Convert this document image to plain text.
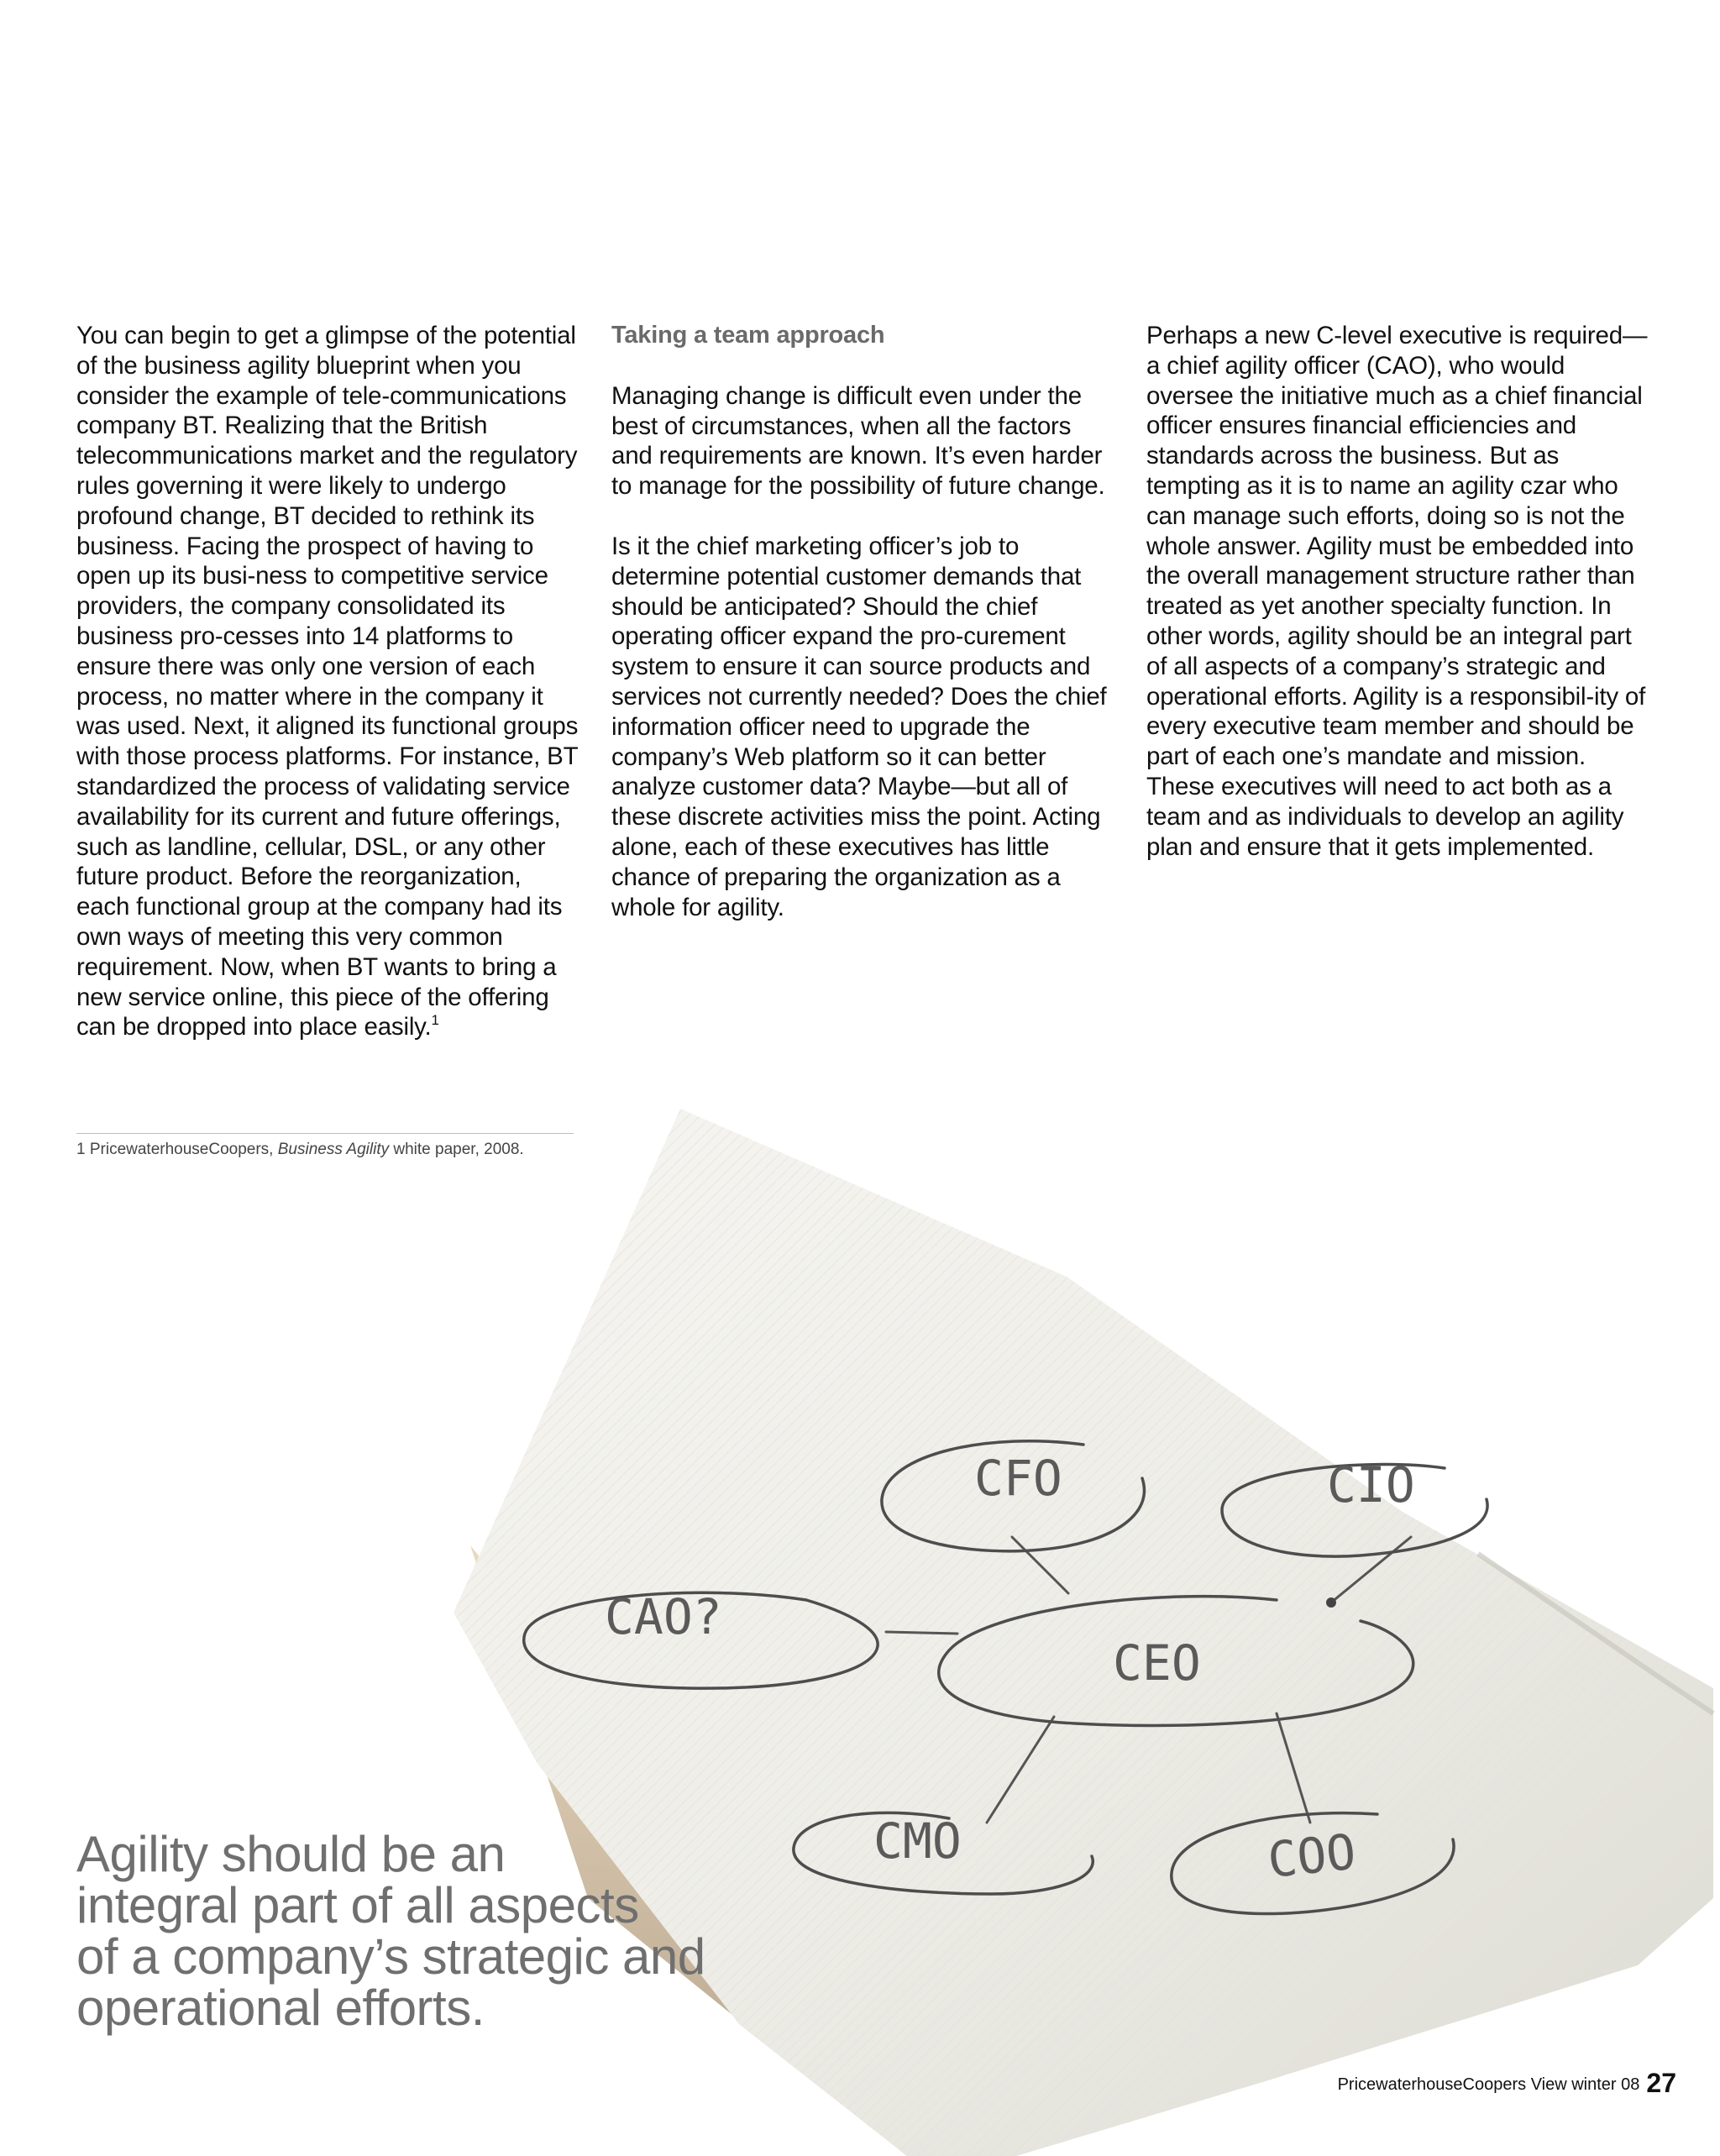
CFO	CIO
CAO?
CEO
CMO	COO

You can begin to get a glimpse of the potential of the business agility blueprint when you consider the example of tele-communications company BT. Realizing that the British telecommunications market and the regulatory rules governing it were likely to undergo profound change, BT decided to rethink its business. Facing the prospect of having to open up its busi-ness to competitive service providers, the company consolidated its business pro-cesses into 14 platforms to ensure there was only one version of each process, no matter where in the company it was used. Next, it aligned its functional groups with those process platforms. For instance, BT standardized the process of validating service availability for its current and future offerings, such as landline, cellular, DSL, or any other future product. Before the reorganization, each functional group at the company had its own ways of meeting this very common requirement. Now, when BT wants to bring a new service online, this piece of the offering can be dropped into place easily.$^1$

Taking a team approach

Managing change is difficult even under the best of circumstances, when all the factors and requirements are known. It’s even harder to manage for the possibility of future change.

Is it the chief marketing officer’s job to determine potential customer demands that should be anticipated? Should the chief operating officer expand the pro-curement system to ensure it can source products and services not currently needed? Does the chief information officer need to upgrade the company’s Web platform so it can better analyze customer data? Maybe—but all of these discrete activities miss the point. Acting alone, each of these executives has little chance of preparing the organization as a whole for agility.

Perhaps a new C-level executive is required—a chief agility officer (CAO), who would oversee the initiative much as a chief financial officer ensures financial efficiencies and standards across the business. But as tempting as it is to name an agility czar who can manage such efforts, doing so is not the whole answer. Agility must be embedded into the overall management structure rather than treated as yet another specialty function. In other words, agility should be an integral part of all aspects of a company’s strategic and operational efforts. Agility is a responsibil-ity of every executive team member and should be part of each one’s mandate and mission. These executives will need to act both as a team and as individuals to develop an agility plan and ensure that it gets implemented.

1 PricewaterhouseCoopers, Business Agility white paper, 2008.

Agility should be an

integral part of all aspects

of a company’s strategic and

operational efforts.

PricewaterhouseCoopers View winter 08 27
